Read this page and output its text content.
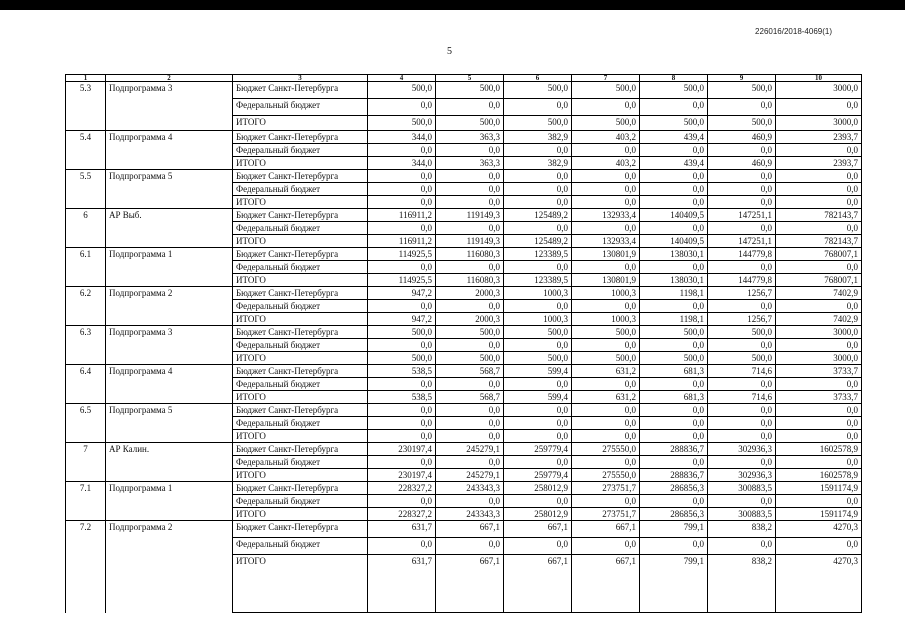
226016/2018-4069(1)
5
1	2	3	4	5	6	7	8	9	10
5.3	Подпрограмма 3	Бюджет Санкт-Петербурга	500,0	500,0	500,0	500,0	500,0	500,0	3000,0
		Федеральный бюджет	0,0	0,0	0,0	0,0	0,0	0,0	0,0
		ИТОГО	500,0	500,0	500,0	500,0	500,0	500,0	3000,0
5.4	Подпрограмма 4	Бюджет Санкт-Петербурга	344,0	363,3	382,9	403,2	439,4	460,9	2393,7
		Федеральный бюджет	0,0	0,0	0,0	0,0	0,0	0,0	0,0
		ИТОГО	344,0	363,3	382,9	403,2	439,4	460,9	2393,7
5.5	Подпрограмма 5	Бюджет Санкт-Петербурга	0,0	0,0	0,0	0,0	0,0	0,0	0,0
		Федеральный бюджет	0,0	0,0	0,0	0,0	0,0	0,0	0,0
		ИТОГО	0,0	0,0	0,0	0,0	0,0	0,0	0,0
6	АР Выб.	Бюджет Санкт-Петербурга	116911,2	119149,3	125489,2	132933,4	140409,5	147251,1	782143,7
		Федеральный бюджет	0,0	0,0	0,0	0,0	0,0	0,0	0,0
		ИТОГО	116911,2	119149,3	125489,2	132933,4	140409,5	147251,1	782143,7
6.1	Подпрограмма 1	Бюджет Санкт-Петербурга	114925,5	116080,3	123389,5	130801,9	138030,1	144779,8	768007,1
		Федеральный бюджет	0,0	0,0	0,0	0,0	0,0	0,0	0,0
		ИТОГО	114925,5	116080,3	123389,5	130801,9	138030,1	144779,8	768007,1
6.2	Подпрограмма 2	Бюджет Санкт-Петербурга	947,2	2000,3	1000,3	1000,3	1198,1	1256,7	7402,9
		Федеральный бюджет	0,0	0,0	0,0	0,0	0,0	0,0	0,0
		ИТОГО	947,2	2000,3	1000,3	1000,3	1198,1	1256,7	7402,9
6.3	Подпрограмма 3	Бюджет Санкт-Петербурга	500,0	500,0	500,0	500,0	500,0	500,0	3000,0
		Федеральный бюджет	0,0	0,0	0,0	0,0	0,0	0,0	0,0
		ИТОГО	500,0	500,0	500,0	500,0	500,0	500,0	3000,0
6.4	Подпрограмма 4	Бюджет Санкт-Петербурга	538,5	568,7	599,4	631,2	681,3	714,6	3733,7
		Федеральный бюджет	0,0	0,0	0,0	0,0	0,0	0,0	0,0
		ИТОГО	538,5	568,7	599,4	631,2	681,3	714,6	3733,7
6.5	Подпрограмма 5	Бюджет Санкт-Петербурга	0,0	0,0	0,0	0,0	0,0	0,0	0,0
		Федеральный бюджет	0,0	0,0	0,0	0,0	0,0	0,0	0,0
		ИТОГО	0,0	0,0	0,0	0,0	0,0	0,0	0,0
7	АР Калин.	Бюджет Санкт-Петербурга	230197,4	245279,1	259779,4	275550,0	288836,7	302936,3	1602578,9
		Федеральный бюджет	0,0	0,0	0,0	0,0	0,0	0,0	0,0
		ИТОГО	230197,4	245279,1	259779,4	275550,0	288836,7	302936,3	1602578,9
7.1	Подпрограмма 1	Бюджет Санкт-Петербурга	228327,2	243343,3	258012,9	273751,7	286856,3	300883,5	1591174,9
		Федеральный бюджет	0,0	0,0	0,0	0,0	0,0	0,0	0,0
		ИТОГО	228327,2	243343,3	258012,9	273751,7	286856,3	300883,5	1591174,9
7.2	Подпрограмма 2	Бюджет Санкт-Петербурга	631,7	667,1	667,1	667,1	799,1	838,2	4270,3
		Федеральный бюджет	0,0	0,0	0,0	0,0	0,0	0,0	0,0
		ИТОГО	631,7	667,1	667,1	667,1	799,1	838,2	4270,3
